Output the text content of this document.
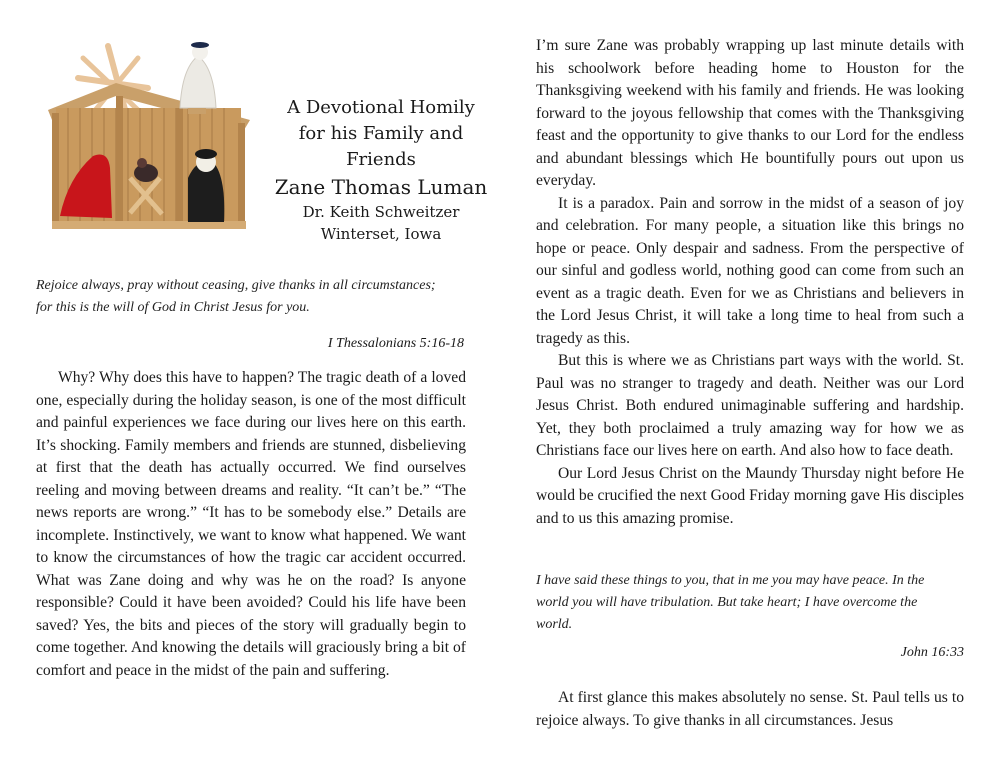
A Devotional Homily
for his Family and
Friends
Zane Thomas Luman
Dr. Keith Schweitzer
Winterset, Iowa
Rejoice always, pray without ceasing, give thanks in all circumstances;
for this is the will of God in Christ Jesus for you.
I Thessalonians 5:16-18

Why? Why does this have to happen? The tragic death of a loved one, especially during the holiday season, is one of the most difficult and painful experiences we face during our lives here on this earth. It’s shocking. Family members and friends are stunned, disbelieving at first that the death has actually occurred. We find ourselves reeling and moving between dreams and reality. “It can’t be.” “The news reports are wrong.” “It has to be somebody else.” Details are incomplete. Instinctively, we want to know what happened. We want to know the circumstances of how the tragic car accident occurred. What was Zane doing and why was he on the road? Is anyone responsible? Could it have been avoided? Could his life have been saved? Yes, the bits and pieces of the story will gradually begin to come together. And knowing the details will graciously bring a bit of comfort and peace in the midst of the pain and suffering.

I’m sure Zane was probably wrapping up last minute details with his schoolwork before heading home to Houston for the Thanksgiving weekend with his family and friends. He was looking forward to the joyous fellowship that comes with the Thanksgiving feast and the opportunity to give thanks to our Lord for the endless and abundant blessings which He bountifully pours out upon us everyday.

It is a paradox. Pain and sorrow in the midst of a season of joy and celebration. For many people, a situation like this brings no hope or peace. Only despair and sadness. From the perspective of our sinful and godless world, nothing good can come from such an event as a tragic death. Even for we as Christians and believers in the Lord Jesus Christ, it will take a long time to heal from such a tragedy as this.

But this is where we as Christians part ways with the world. St. Paul was no stranger to tragedy and death. Neither was our Lord Jesus Christ. Both endured unimaginable suffering and hardship. Yet, they both proclaimed a truly amazing way for how we as Christians face our lives here on earth. And also how to face death.

Our Lord Jesus Christ on the Maundy Thursday night before He would be crucified the next Good Friday morning gave His disciples and to us this amazing promise.

I have said these things to you, that in me you may have peace. In the
world you will have tribulation. But take heart; I have overcome the
world.
John 16:33

At first glance this makes absolutely no sense. St. Paul tells us to rejoice always. To give thanks in all circumstances. Jesus
